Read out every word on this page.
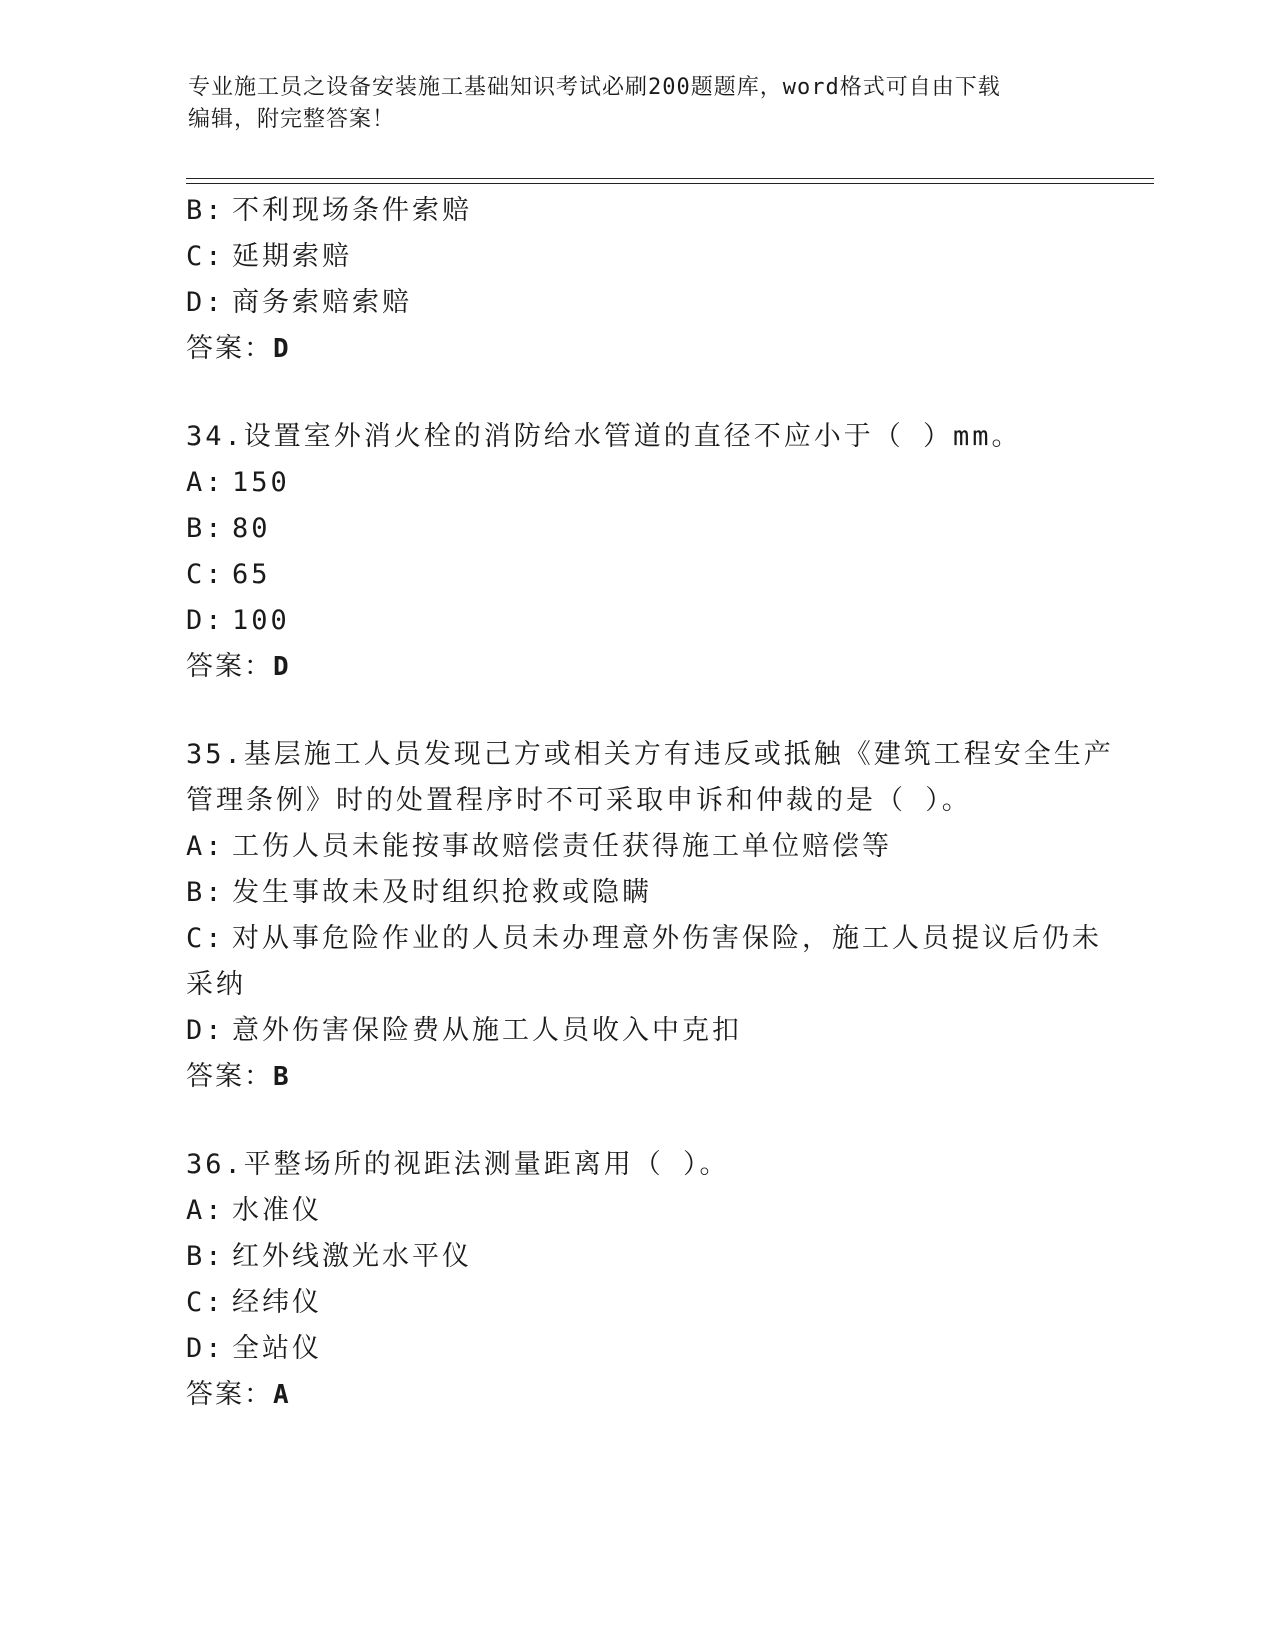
专业施工员之设备安装施工基础知识考试必刷200题题库，word格式可自由下载
编辑，附完整答案！
B: 不利现场条件索赔
C: 延期索赔
D: 商务索赔索赔
答案：D
34.设置室外消火栓的消防给水管道的直径不应小于（ ）mm。
A: 150
B: 80
C: 65
D: 100
答案：D
35.基层施工人员发现己方或相关方有违反或抵触《建筑工程安全生产
管理条例》时的处置程序时不可采取申诉和仲裁的是（ ）。
A: 工伤人员未能按事故赔偿责任获得施工单位赔偿等
B: 发生事故未及时组织抢救或隐瞒
C: 对从事危险作业的人员未办理意外伤害保险，施工人员提议后仍未
采纳
D: 意外伤害保险费从施工人员收入中克扣
答案：B
36.平整场所的视距法测量距离用（ ）。
A: 水准仪
B: 红外线激光水平仪
C: 经纬仪
D: 全站仪
答案：A
